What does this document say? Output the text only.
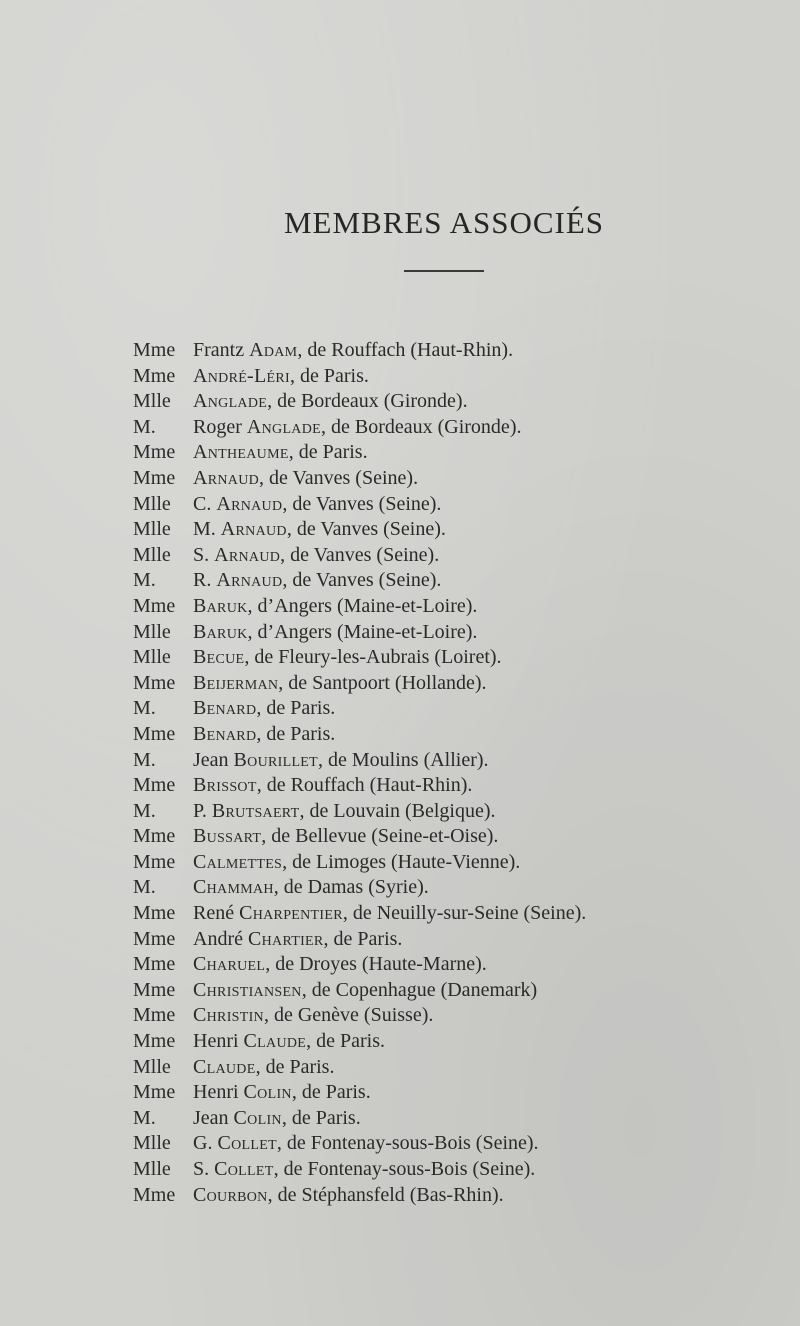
MEMBRES ASSOCIÉS
Mme Frantz Adam, de Rouffach (Haut-Rhin).
Mme André-Léri, de Paris.
Mlle Anglade, de Bordeaux (Gironde).
M. Roger Anglade, de Bordeaux (Gironde).
Mme Antheaume, de Paris.
Mme Arnaud, de Vanves (Seine).
Mlle C. Arnaud, de Vanves (Seine).
Mlle M. Arnaud, de Vanves (Seine).
Mlle S. Arnaud, de Vanves (Seine).
M. R. Arnaud, de Vanves (Seine).
Mme Baruk, d’Angers (Maine-et-Loire).
Mlle Baruk, d’Angers (Maine-et-Loire).
Mlle Becue, de Fleury-les-Aubrais (Loiret).
Mme Beijerman, de Santpoort (Hollande).
M. Benard, de Paris.
Mme Benard, de Paris.
M. Jean Bourillet, de Moulins (Allier).
Mme Brissot, de Rouffach (Haut-Rhin).
M. P. Brutsaert, de Louvain (Belgique).
Mme Bussart, de Bellevue (Seine-et-Oise).
Mme Calmettes, de Limoges (Haute-Vienne).
M. Chammah, de Damas (Syrie).
Mme René Charpentier, de Neuilly-sur-Seine (Seine).
Mme André Chartier, de Paris.
Mme Charuel, de Droyes (Haute-Marne).
Mme Christiansen, de Copenhague (Danemark)
Mme Christin, de Genève (Suisse).
Mme Henri Claude, de Paris.
Mlle Claude, de Paris.
Mme Henri Colin, de Paris.
M. Jean Colin, de Paris.
Mlle G. Collet, de Fontenay-sous-Bois (Seine).
Mlle S. Collet, de Fontenay-sous-Bois (Seine).
Mme Courbon, de Stéphansfeld (Bas-Rhin).
